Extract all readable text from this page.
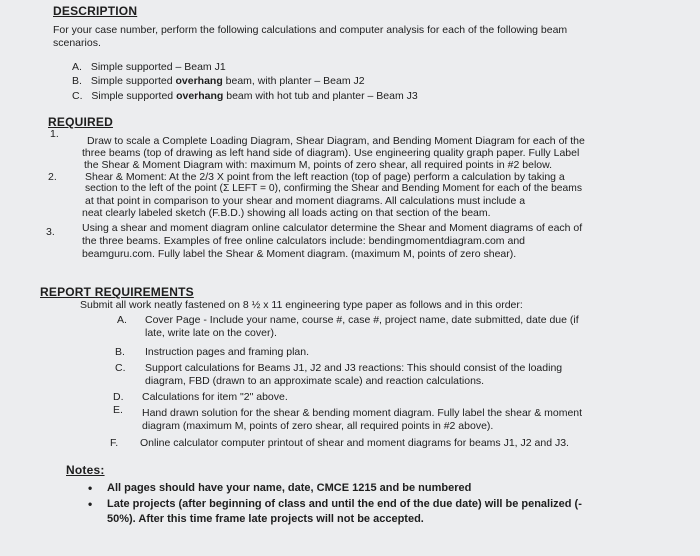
DESCRIPTION
For your case number, perform the following calculations and computer analysis for each of the following beam scenarios.
A. Simple supported – Beam J1
B. Simple supported overhang beam, with planter – Beam J2
C. Simple supported overhang beam with hot tub and planter – Beam J3
REQUIRED
1.
Draw to scale a Complete Loading Diagram, Shear Diagram, and Bending Moment Diagram for each of the
three beams (top of drawing as left hand side of diagram). Use engineering quality graph paper. Fully Label
the Shear & Moment Diagram with: maximum M, points of zero shear, all required points in #2 below.
2.	Shear & Moment: At the 2/3 X point from the left reaction (top of page) perform a calculation by taking a
section to the left of the point (Σ LEFT = 0), confirming the Shear and Bending Moment for each of the beams
at that point in comparison to your shear and moment diagrams. All calculations must include a
neat clearly labeled sketch (F.B.D.) showing all loads acting on that section of the beam.
3.	Using a shear and moment diagram online calculator determine the Shear and Moment diagrams of each of
the three beams. Examples of free online calculators include: bendingmomentdiagram.com and
beamguru.com. Fully label the Shear & Moment diagram. (maximum M, points of zero shear).
REPORT REQUIREMENTS
Submit all work neatly fastened on 8 ½ x 11 engineering type paper as follows and in this order:
A. Cover Page - Include your name, course #, case #, project name, date submitted, date due (if
late, write late on the cover).
B. Instruction pages and framing plan.
C. Support calculations for Beams J1, J2 and J3 reactions: This should consist of the loading
diagram, FBD (drawn to an approximate scale) and reaction calculations.
D. Calculations for item "2" above.
E. Hand drawn solution for the shear & bending moment diagram. Fully label the shear & moment
diagram (maximum M, points of zero shear, all required points in #2 above).
F. Online calculator computer printout of shear and moment diagrams for beams J1, J2 and J3.
Notes:
• All pages should have your name, date, CMCE 1215 and be numbered
• Late projects (after beginning of class and until the end of the due date) will be penalized (-
50%). After this time frame late projects will not be accepted.
